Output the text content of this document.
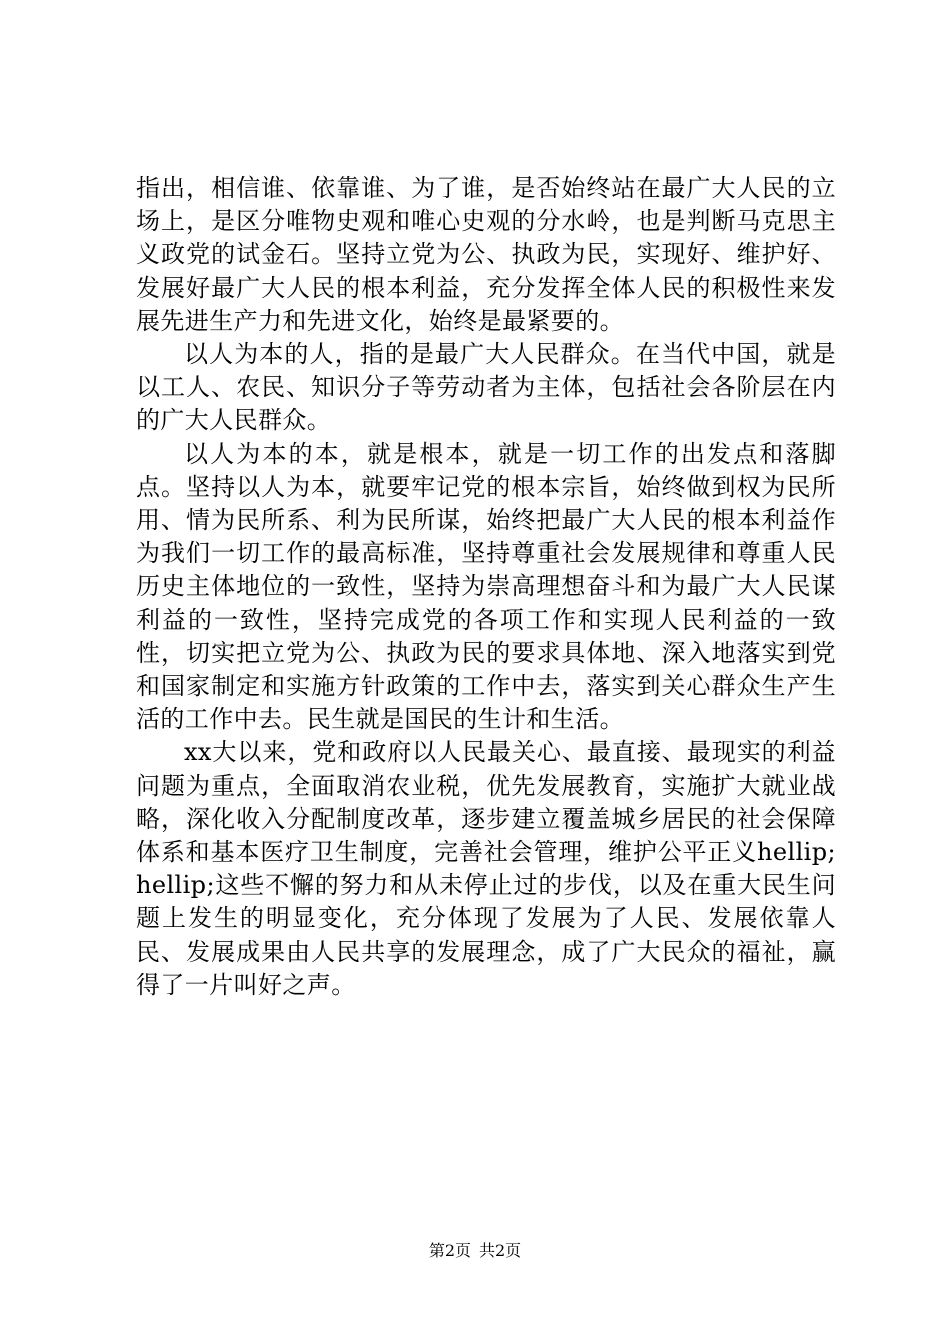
指出，相信谁、依靠谁、为了谁，是否始终站在最广大人民的立场上，是区分唯物史观和唯心史观的分水岭，也是判断马克思主义政党的试金石。坚持立党为公、执政为民，实现好、维护好、发展好最广大人民的根本利益，充分发挥全体人民的积极性来发展先进生产力和先进文化，始终是最紧要的。

以人为本的人，指的是最广大人民群众。在当代中国，就是以工人、农民、知识分子等劳动者为主体，包括社会各阶层在内的广大人民群众。

以人为本的本，就是根本，就是一切工作的出发点和落脚点。坚持以人为本，就要牢记党的根本宗旨，始终做到权为民所用、情为民所系、利为民所谋，始终把最广大人民的根本利益作为我们一切工作的最高标准，坚持尊重社会发展规律和尊重人民历史主体地位的一致性，坚持为崇高理想奋斗和为最广大人民谋利益的一致性，坚持完成党的各项工作和实现人民利益的一致性，切实把立党为公、执政为民的要求具体地、深入地落实到党和国家制定和实施方针政策的工作中去，落实到关心群众生产生活的工作中去。民生就是国民的生计和生活。

xx大以来，党和政府以人民最关心、最直接、最现实的利益问题为重点，全面取消农业税，优先发展教育，实施扩大就业战略，深化收入分配制度改革，逐步建立覆盖城乡居民的社会保障体系和基本医疗卫生制度，完善社会管理，维护公平正义hellip;hellip;这些不懈的努力和从未停止过的步伐，以及在重大民生问题上发生的明显变化，充分体现了发展为了人民、发展依靠人民、发展成果由人民共享的发展理念，成了广大民众的福祉，赢得了一片叫好之声。

第2页 共2页
